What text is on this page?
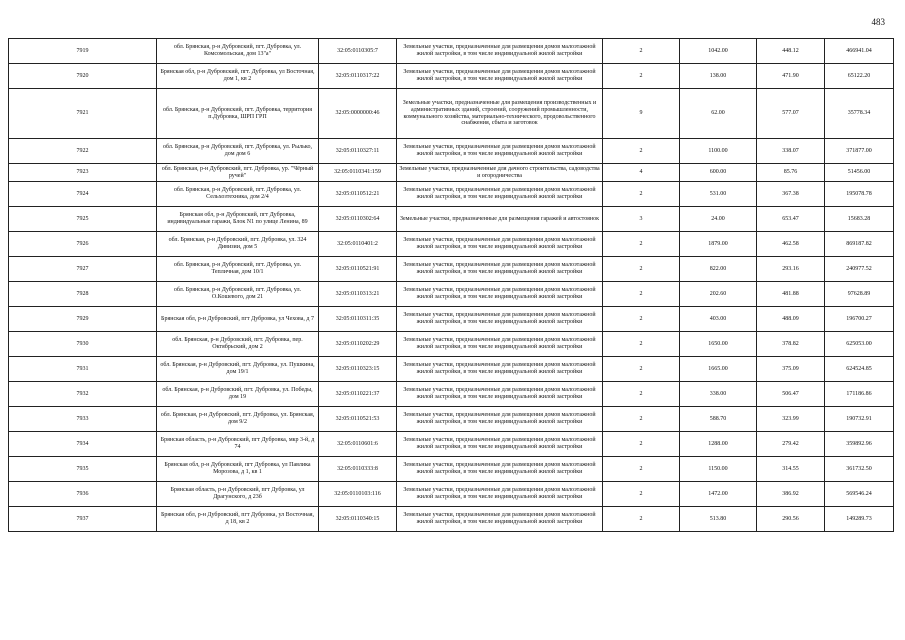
483
7919	обл. Брянская, р-н Дубровский, пгт. Дубровка, ул. Комсомольская, дом 13"а"	32:05:0110305:7	Земельные участки, предназначенные для размещения домов малоэтажной жилой застройки, в том числе индивидуальной жилой застройки	2	1042.00	448.12	466941.04
7920	Брянская обл, р-н Дубровский, пгт. Дубровка, ул Восточная, дом 1, кв 2	32:05:0110317:22	Земельные участки, предназначенные для размещения домов малоэтажной жилой застройки, в том числе индивидуальной жилой застройки	2	138.00	471.90	65122.20
7921	обл. Брянская, р-н Дубровский, пгт. Дубровка, территория п.Дубровка, ШРП ГРП	32:05:0000000:46	Земельные участки, предназначенные для размещения производственных и административных зданий, строений, сооружений промышленности, коммунального хозяйства, материально-технического, продовольственного снабжения, сбыта и заготовок	9	62.00	577.07	35778.34
7922	обл. Брянская, р-н Дубровский, пгт. Дубровка, ул. Рылько, дом дом 6	32:05:0110327:11	Земельные участки, предназначенные для размещения домов малоэтажной жилой застройки, в том числе индивидуальной жилой застройки	2	1100.00	338.07	371877.00
7923	обл. Брянская, р-н Дубровский, пгт. Дубровка, ур. "Чёрный ручей"	32:05:0110341:159	Земельные участки, предназначенные для дачного строительства, садоводства и огородничества	4	600.00	85.76	51456.00
7924	обл. Брянская, р-н Дубровский, пгт. Дубровка, ул. Сельхозтехника, дом 2/4	32:05:0110512:21	Земельные участки, предназначенные для размещения домов малоэтажной жилой застройки, в том числе индивидуальной жилой застройки	2	531.00	367.38	195078.78
7925	Брянская обл, р-н Дубровский, пгт Дубровка, индивидуальные гаражи, Блок N1 по улице Ленина, 89	32:05:0110302:64	Земельные участки, предназначенные для размещения гаражей и автостоянок	3	24.00	653.47	15683.28
7926	обл. Брянская, р-н Дубровский, пгт. Дубровка, ул. 324 Дивизии, дом 5	32:05:0110401:2	Земельные участки, предназначенные для размещения домов малоэтажной жилой застройки, в том числе индивидуальной жилой застройки	2	1879.00	462.58	869187.82
7927	обл. Брянская, р-н Дубровский, пгт. Дубровка, ул. Тепличная, дом 10/1	32:05:0110521:91	Земельные участки, предназначенные для размещения домов малоэтажной жилой застройки, в том числе индивидуальной жилой застройки	2	822.00	293.16	240977.52
7928	обл. Брянская, р-н Дубровский, пгт. Дубровка, ул. О.Кошевого, дом 21	32:05:0110313:21	Земельные участки, предназначенные для размещения домов малоэтажной жилой застройки, в том числе индивидуальной жилой застройки	2	202.60	481.88	97628.89
7929	Брянская обл, р-н Дубровский, пгт Дубровка, ул Чехова, д 7	32:05:0110311:35	Земельные участки, предназначенные для размещения домов малоэтажной жилой застройки, в том числе индивидуальной жилой застройки	2	403.00	488.09	196700.27
7930	обл. Брянская, р-н Дубровский, пгт. Дубровка, пер. Октябрьский, дом 2	32:05:0110202:29	Земельные участки, предназначенные для размещения домов малоэтажной жилой застройки, в том числе индивидуальной жилой застройки	2	1650.00	378.82	625053.00
7931	обл. Брянская, р-н Дубровский, пгт. Дубровка, ул. Пушкина, дом 19/1	32:05:0110323:15	Земельные участки, предназначенные для размещения домов малоэтажной жилой застройки, в том числе индивидуальной жилой застройки	2	1665.00	375.09	624524.85
7932	обл. Брянская, р-н Дубровский, пгт. Дубровка, ул. Победы, дом 19	32:05:0110221:37	Земельные участки, предназначенные для размещения домов малоэтажной жилой застройки, в том числе индивидуальной жилой застройки	2	338.00	506.47	171186.86
7933	обл. Брянская, р-н Дубровский, пгт. Дубровка, ул. Брянская, дом 9/2	32:05:0110521:53	Земельные участки, предназначенные для размещения домов малоэтажной жилой застройки, в том числе индивидуальной жилой застройки	2	588.70	323.99	190732.91
7934	Брянская область, р-н Дубровский, пгт Дубровка, мкр 3-й, д 74	32:05:0110601:6	Земельные участки, предназначенные для размещения домов малоэтажной жилой застройки, в том числе индивидуальной жилой застройки	2	1288.00	279.42	359892.96
7935	Брянская обл, р-н Дубровский, пгт Дубровка, ул Павлика Морозова, д 1, кв 1	32:05:0110333:8	Земельные участки, предназначенные для размещения домов малоэтажной жилой застройки, в том числе индивидуальной жилой застройки	2	1150.00	314.55	361732.50
7936	Брянская область, р-н Дубровский, пгт Дубровка, ул Драгунского, д 23б	32:05:0110103:116	Земельные участки, предназначенные для размещения домов малоэтажной жилой застройки, в том числе индивидуальной жилой застройки	2	1472.00	386.92	569546.24
7937	Брянская обл, р-н Дубровский, пгт Дубровка, ул Восточная, д 18, кв 2	32:05:0110340:15	Земельные участки, предназначенные для размещения домов малоэтажной жилой застройки, в том числе индивидуальной жилой застройки	2	513.80	290.56	149289.73
